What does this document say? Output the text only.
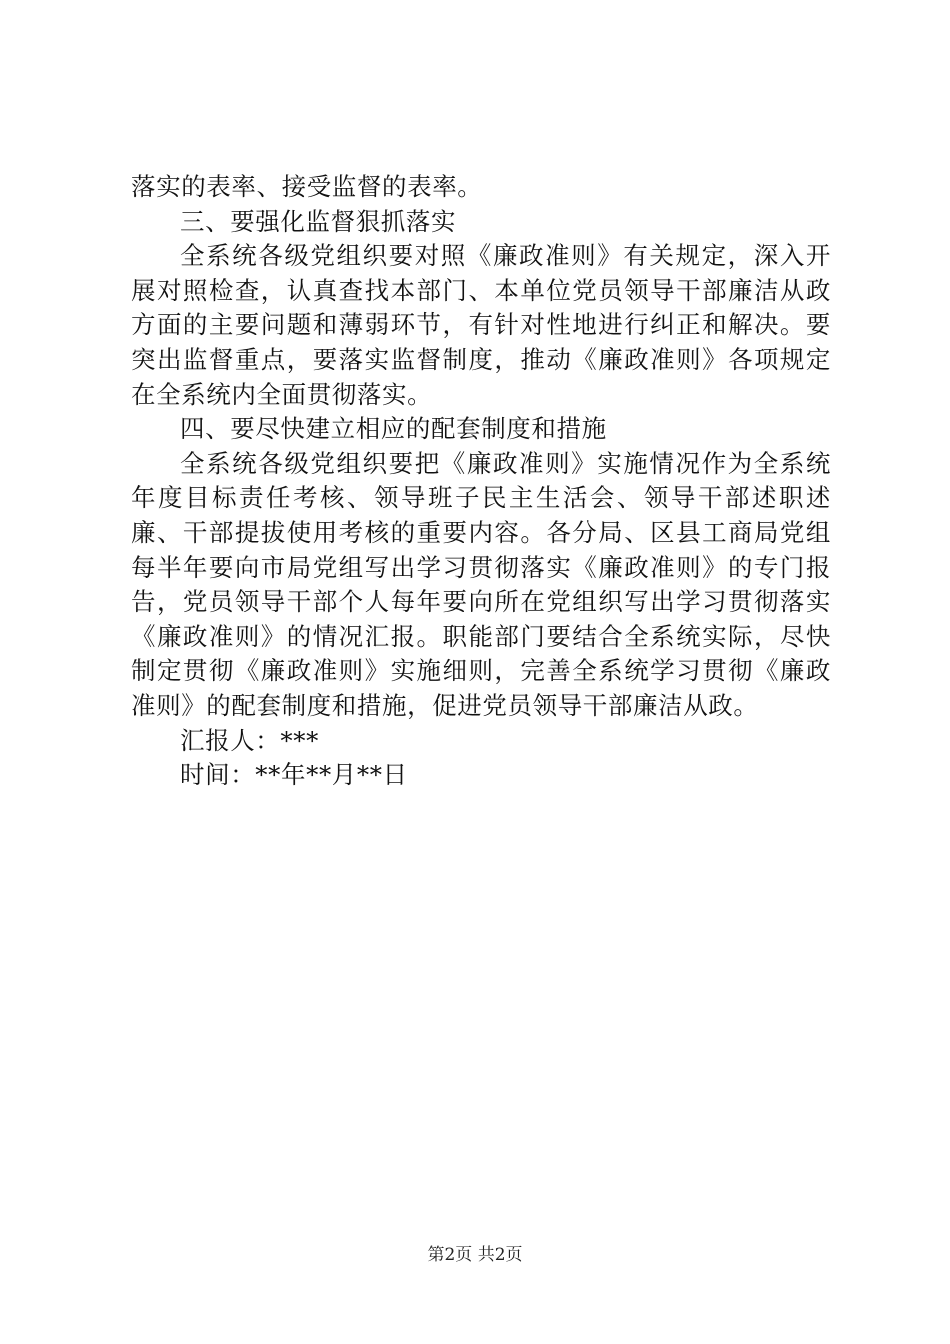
落实的表率、接受监督的表率。

三、要强化监督狠抓落实

全系统各级党组织要对照《廉政准则》有关规定，深入开展对照检查，认真查找本部门、本单位党员领导干部廉洁从政方面的主要问题和薄弱环节，有针对性地进行纠正和解决。要突出监督重点，要落实监督制度，推动《廉政准则》各项规定在全系统内全面贯彻落实。

四、要尽快建立相应的配套制度和措施

全系统各级党组织要把《廉政准则》实施情况作为全系统年度目标责任考核、领导班子民主生活会、领导干部述职述廉、干部提拔使用考核的重要内容。各分局、区县工商局党组每半年要向市局党组写出学习贯彻落实《廉政准则》的专门报告，党员领导干部个人每年要向所在党组织写出学习贯彻落实《廉政准则》的情况汇报。职能部门要结合全系统实际，尽快制定贯彻《廉政准则》实施细则，完善全系统学习贯彻《廉政准则》的配套制度和措施，促进党员领导干部廉洁从政。

汇报人：***

时间：**年**月**日

第2页 共2页
